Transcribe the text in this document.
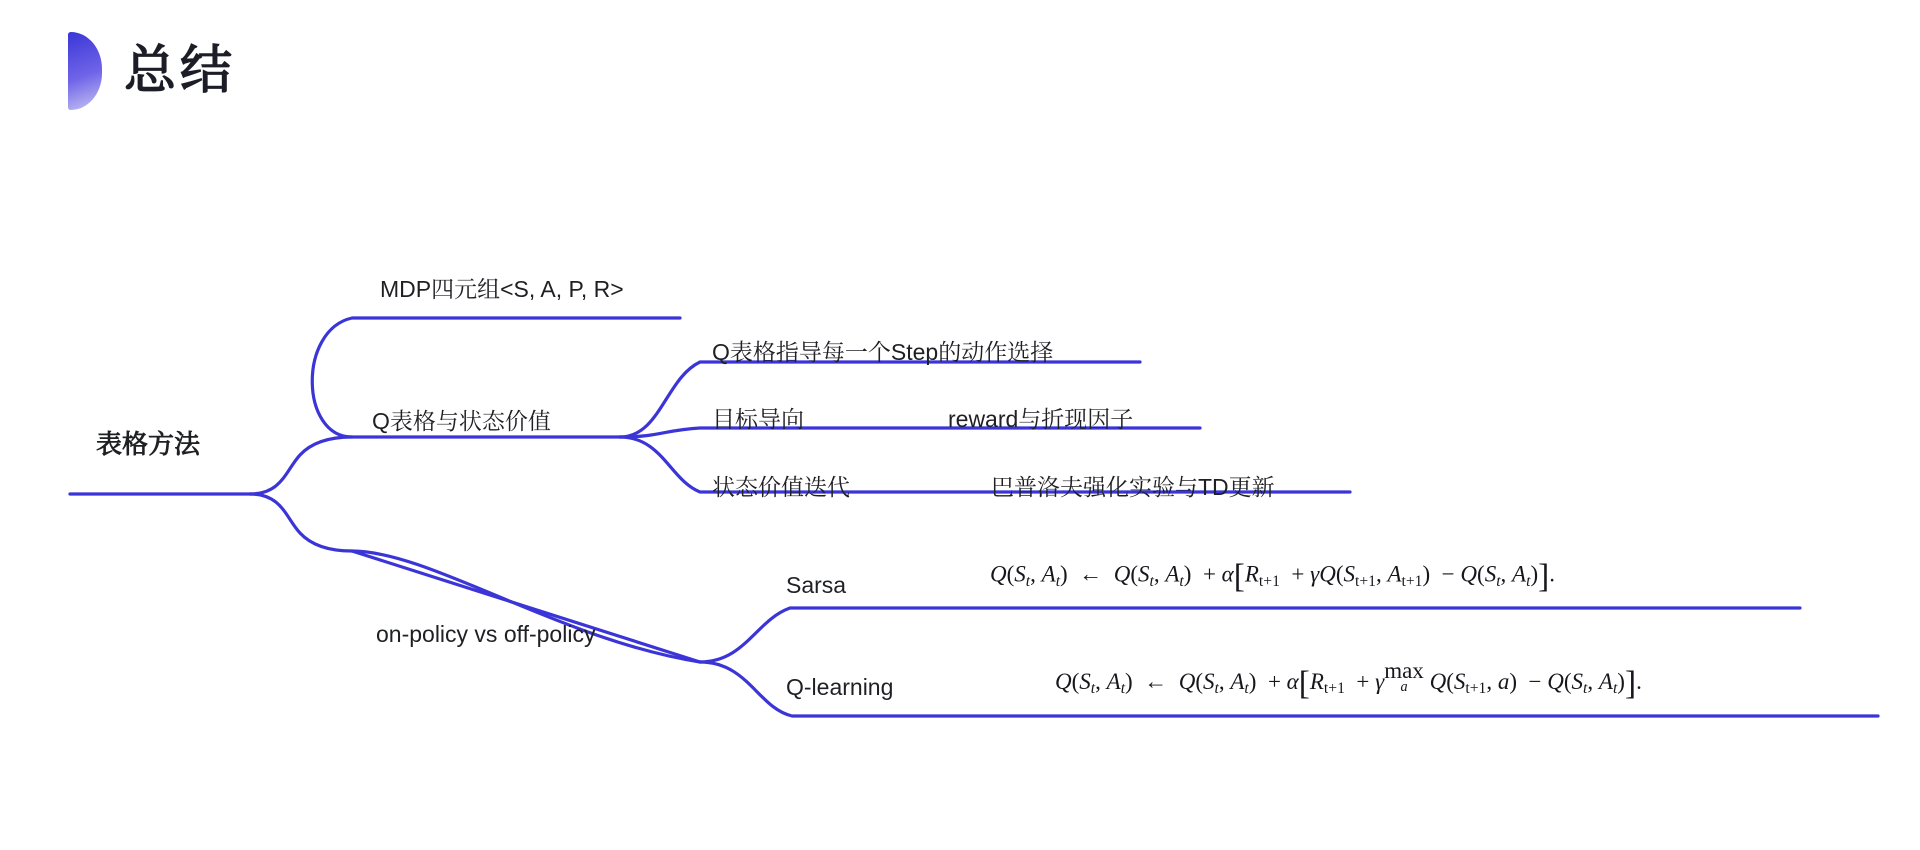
总结
表格方法
MDP四元组<S, A, P, R>
Q表格与状态价值
Q表格指导每一个Step的动作选择
目标导向	reward与折现因子
状态价值迭代	巴普洛夫强化实验与TD更新
on-policy vs off-policy
Sarsa
Q-learning
$Q(S_t$, $A_t$)  ←  $Q(S_t$, $A_t) + \alpha[Rt+1 + \gamma Q(St+1$, $At+1) - Q(S_t$, $A_t$)].
$Q(S_t$, $A_t$)  ←  $Q(S_t$, $A_t) + \alpha[Rt+1 + \gamma$ max
a Q(St+1, $a) - Q(S_t$, $A_t$)].
